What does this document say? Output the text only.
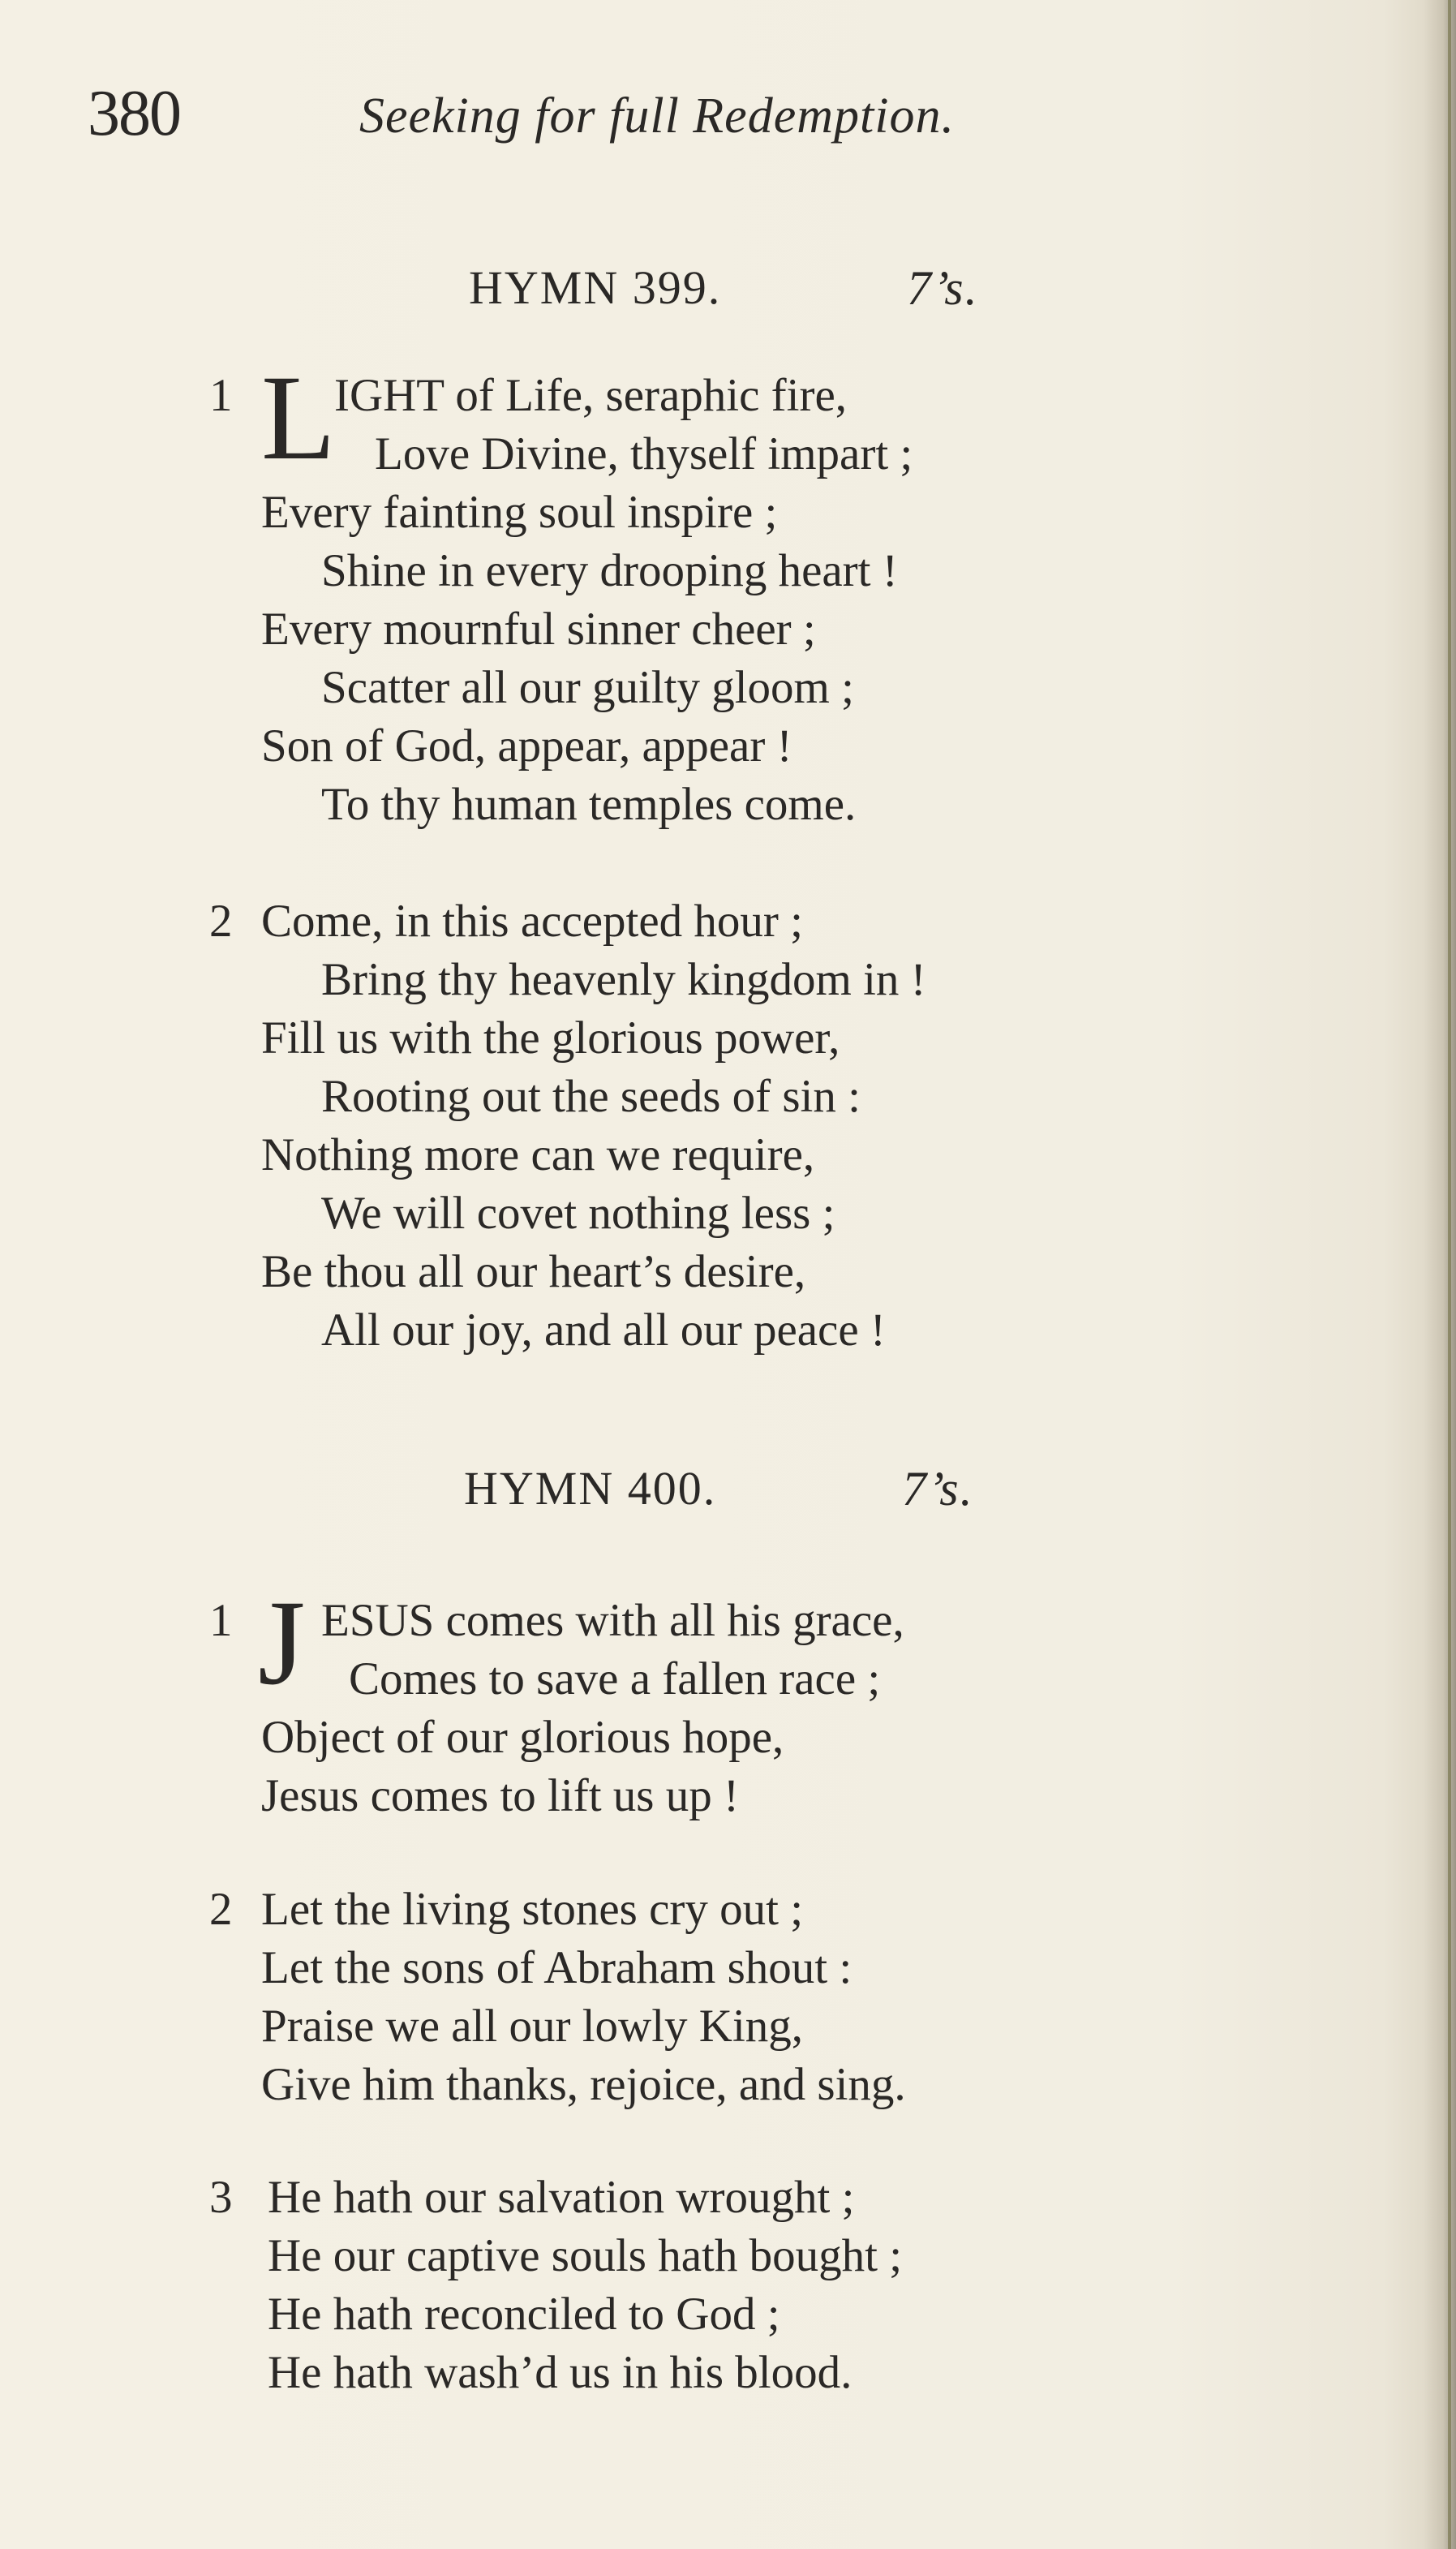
380	Seeking for full Redemption.
HYMN 399.	7’s.
1 L
IGHT of Life, seraphic fire,
Love Divine, thyself impart ;
Every fainting soul inspire ;
Shine in every drooping heart !
Every mournful sinner cheer ;
Scatter all our guilty gloom ;
Son of God, appear, appear !
To thy human temples come.
2 Come, in this accepted hour ;
Bring thy heavenly kingdom in !
Fill us with the glorious power,
Rooting out the seeds of sin :
Nothing more can we require,
We will covet nothing less ;
Be thou all our heart’s desire,
All our joy, and all our peace !
HYMN 400.	7’s.
1 J ESUS comes with all his grace,
Comes to save a fallen race ;
Object of our glorious hope,
Jesus comes to lift us up !
2 Let the living stones cry out ;
Let the sons of Abraham shout :
Praise we all our lowly King,
Give him thanks, rejoice, and sing.
3 He hath our salvation wrought ;
He our captive souls hath bought ;
He hath reconciled to God ;
He hath wash’d us in his blood.
